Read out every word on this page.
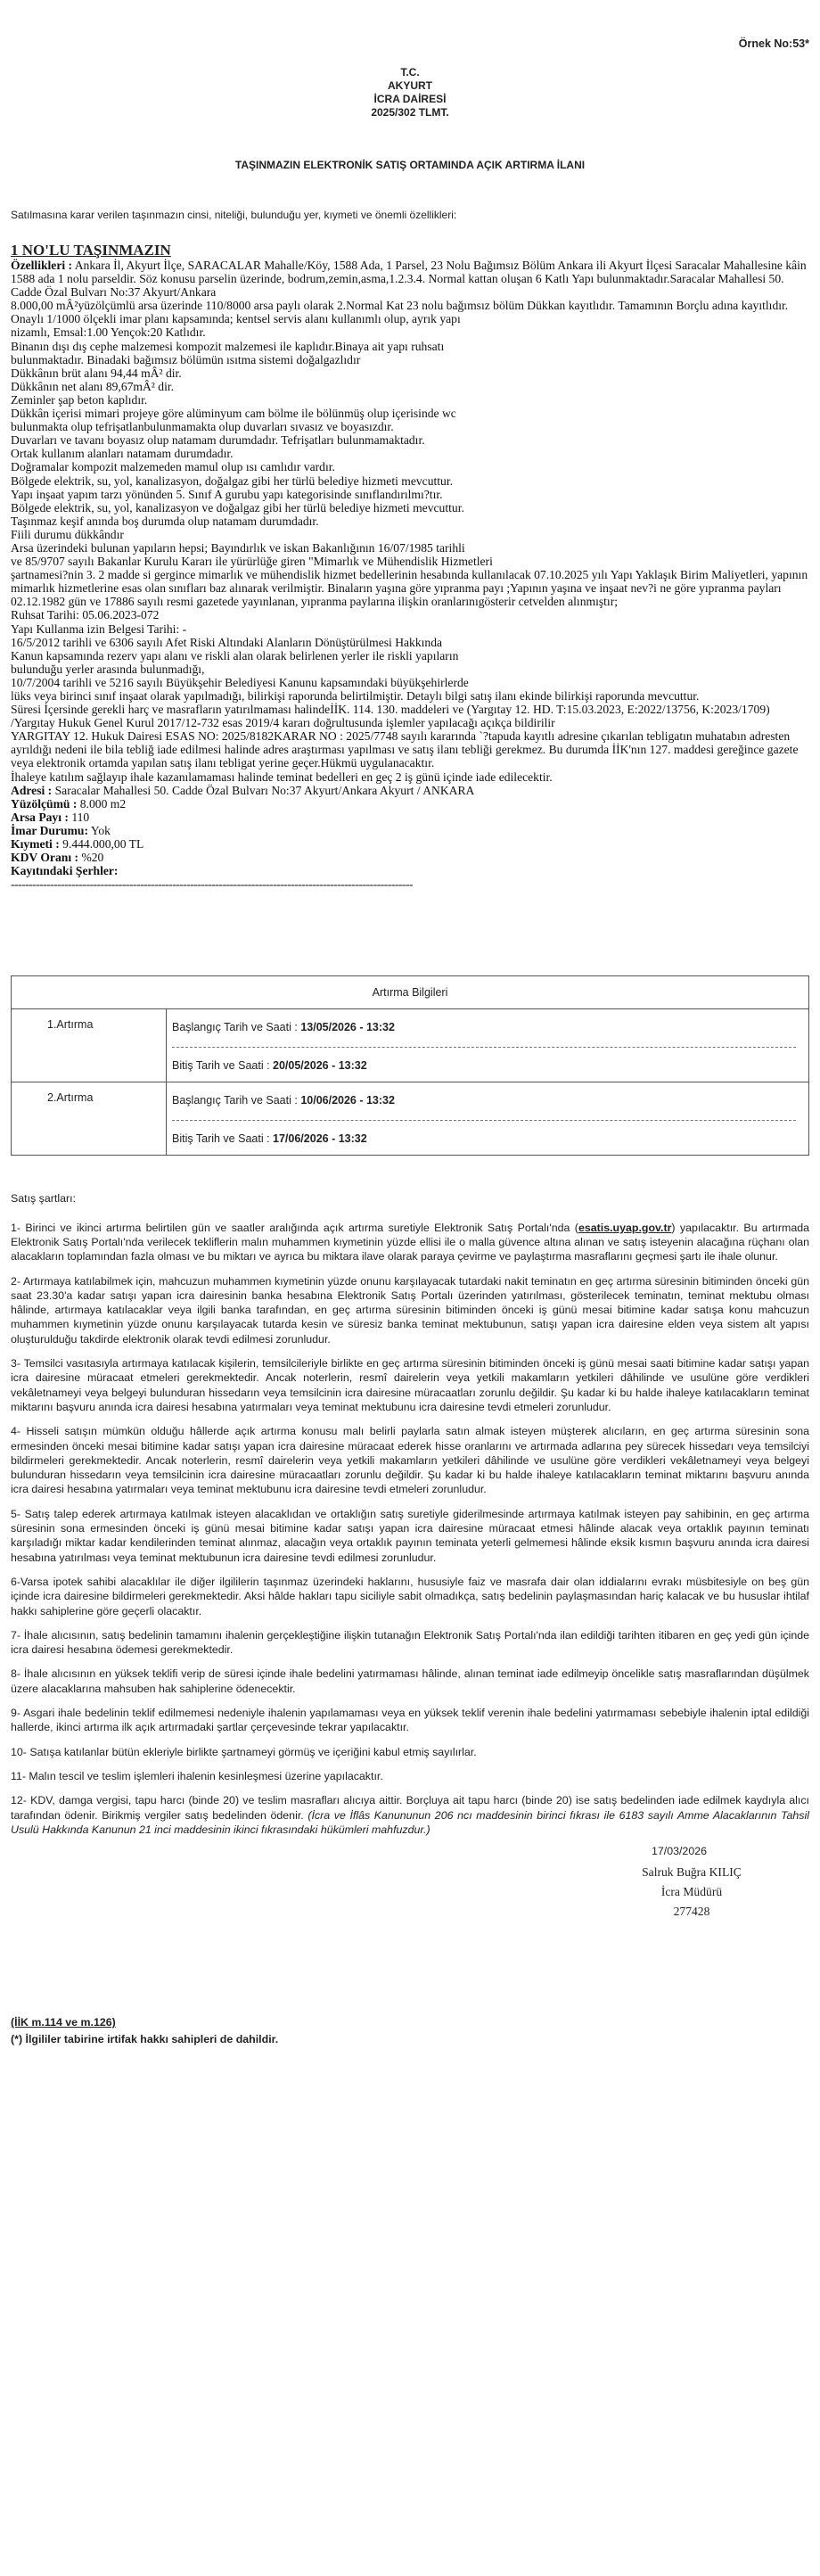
Örnek No:53*
T.C.
AKYURT
İCRA DAİRESİ
2025/302 TLMT.
TAŞINMAZIN ELEKTRONİK SATIŞ ORTAMINDA AÇIK ARTIRMA İLANI
Satılmasına karar verilen taşınmazın cinsi, niteliği, bulunduğu yer, kıymeti ve önemli özellikleri:
1 NO'LU TAŞINMAZIN

Özellikleri : Ankara İl, Akyurt İlçe, SARACALAR Mahalle/Köy, 1588 Ada, 1 Parsel, 23 Nolu Bağımsız Bölüm Ankara ili Akyurt İlçesi Saracalar Mahallesine kâin 1588 ada 1 nolu parseldir. Söz konusu parselin üzerinde, bodrum,zemin,asma,1.2.3.4. Normal kattan oluşan 6 Katlı Yapı bulunmaktadır.Saracalar Mahallesi 50. Cadde Özal Bulvarı No:37 Akyurt/Ankara

8.000,00 mÂ²yüzölçümlü arsa üzerinde 110/8000 arsa paylı olarak 2.Normal Kat 23 nolu bağımsız bölüm Dükkan kayıtlıdır. Tamamının Borçlu adına kayıtlıdır.

Onaylı 1/1000 ölçekli imar planı kapsamında; kentsel servis alanı kullanımlı olup, ayrık yapı

nizamlı, Emsal:1.00 Yençok:20 Katlıdır.

Binanın dışı dış cephe malzemesi kompozit malzemesi ile kaplıdır.Binaya ait yapı ruhsatı

bulunmaktadır. Binadaki bağımsız bölümün ısıtma sistemi doğalgazlıdır

Dükkânın brüt alanı 94,44 mÂ² dir.

Dükkânın net alanı 89,67mÂ² dir.

Zeminler şap beton kaplıdır.

Dükkân içerisi mimari projeye göre alüminyum cam bölme ile bölünmüş olup içerisinde wc

bulunmakta olup tefrişatlanbulunmamakta olup duvarları sıvasız ve boyasızdır.

Duvarları ve tavanı boyasız olup natamam durumdadır. Tefrişatları bulunmamaktadır.

Ortak kullanım alanları natamam durumdadır.

Doğramalar kompozit malzemeden mamul olup ısı camlıdır vardır.

Bölgede elektrik, su, yol, kanalizasyon, doğalgaz gibi her türlü belediye hizmeti mevcuttur.

Yapı inşaat yapım tarzı yönünden 5. Sınıf A gurubu yapı kategorisinde sınıflandırılmı?tır.

Bölgede elektrik, su, yol, kanalizasyon ve doğalgaz gibi her türlü belediye hizmeti mevcuttur.

Taşınmaz keşif anında boş durumda olup natamam durumdadır.

Fiili durumu dükkândır

Arsa üzerindeki bulunan yapıların hepsi; Bayındırlık ve iskan Bakanlığının 16/07/1985 tarihli

ve 85/9707 sayılı Bakanlar Kurulu Kararı ile yürürlüğe giren "Mimarlık ve Mühendislik Hizmetleri

şartnamesi?nin 3. 2 madde si gergince mimarlık ve mühendislik hizmet bedellerinin hesabında kullanılacak 07.10.2025 yılı Yapı Yaklaşık Birim Maliyetleri, yapının mimarlık hizmetlerine esas olan sınıfları baz alınarak verilmiştir. Binaların yaşına göre yıpranma payı ;Yapının yaşına ve inşaat nev?i ne göre yıpranma payları 02.12.1982 gün ve 17886 sayılı resmi gazetede yayınlanan, yıpranma paylarına ilişkin oranlarınıgösterir cetvelden alınmıştır;

Ruhsat Tarihi: 05.06.2023-072

Yapı Kullanma izin Belgesi Tarihi: -

16/5/2012 tarihli ve 6306 sayılı Afet Riski Altındaki Alanların Dönüştürülmesi Hakkında

Kanun kapsamında rezerv yapı alanı ve riskli alan olarak belirlenen yerler ile riskli yapıların

bulunduğu yerler arasında bulunmadığı,

10/7/2004 tarihli ve 5216 sayılı Büyükşehir Belediyesi Kanunu kapsamındaki büyükşehirlerde

lüks veya birinci sınıf inşaat olarak yapılmadığı, bilirkişi raporunda belirtilmiştir. Detaylı bilgi satış ilanı ekinde bilirkişi raporunda mevcuttur.

Süresi İçersinde gerekli harç ve masrafların yatırılmaması halindeİİK. 114. 130. maddeleri ve (Yargıtay 12. HD. T:15.03.2023, E:2022/13756, K:2023/1709) /Yargıtay Hukuk Genel Kurul 2017/12-732 esas 2019/4 kararı doğrultusunda işlemler yapılacağı açıkça bildirilir

YARGITAY 12. Hukuk Dairesi ESAS NO: 2025/8182KARAR NO : 2025/7748 sayılı kararında `?tapuda kayıtlı adresine çıkarılan tebligatın muhatabın adresten ayrıldığı nedeni ile bila tebliğ iade edilmesi halinde adres araştırması yapılması ve satış ilanı tebliği gerekmez. Bu durumda İİK'nın 127. maddesi gereğince gazete veya elektronik ortamda yapılan satış ilanı tebligat yerine geçer.Hükmü uygulanacaktır.

İhaleye katılım sağlayıp ihale kazanılamaması halinde teminat bedelleri en geç 2 iş günü içinde iade edilecektir.

Adresi : Saracalar Mahallesi 50. Cadde Özal Bulvarı No:37 Akyurt/Ankara Akyurt / ANKARA

Yüzölçümü : 8.000 m2

Arsa Payı : 110

İmar Durumu: Yok

Kıymeti : 9.444.000,00 TL

KDV Oranı : %20

Kayıtındaki Şerhler:

----------------------------------------------------------------------------------------------------------------
Artırma Bilgileri	
1.Artırma	Başlangıç Tarih ve Saati : 13/05/2026 - 13:32
Bitiş Tarih ve Saati : 20/05/2026 - 13:32

2.Artırma	Başlangıç Tarih ve Saati : 10/06/2026 - 13:32
Bitiş Tarih ve Saati : 17/06/2026 - 13:32

Satış şartları:

1- Birinci ve ikinci artırma belirtilen gün ve saatler aralığında açık artırma suretiyle Elektronik Satış Portalı'nda (esatis.uyap.gov.tr) yapılacaktır. Bu artırmada Elektronik Satış Portalı'nda verilecek tekliflerin malın muhammen kıymetinin yüzde ellisi ile o malla güvence altına alınan ve satış isteyenin alacağına rüçhanı olan alacakların toplamından fazla olması ve bu miktarı ve ayrıca bu miktara ilave olarak paraya çevirme ve paylaştırma masraflarını geçmesi şartı ile ihale olunur.

2- Artırmaya katılabilmek için, mahcuzun muhammen kıymetinin yüzde onunu karşılayacak tutardaki nakit teminatın en geç artırma süresinin bitiminden önceki gün saat 23.30'a kadar satışı yapan icra dairesinin banka hesabına Elektronik Satış Portalı üzerinden yatırılması, gösterilecek teminatın, teminat mektubu olması hâlinde, artırmaya katılacaklar veya ilgili banka tarafından, en geç artırma süresinin bitiminden önceki iş günü mesai bitimine kadar satışa konu mahcuzun muhammen kıymetinin yüzde onunu karşılayacak tutarda kesin ve süresiz banka teminat mektubunun, satışı yapan icra dairesine elden veya sistem alt yapısı oluşturulduğu takdirde elektronik olarak tevdi edilmesi zorunludur.

3- Temsilci vasıtasıyla artırmaya katılacak kişilerin, temsilcileriyle birlikte en geç artırma süresinin bitiminden önceki iş günü mesai saati bitimine kadar satışı yapan icra dairesine müracaat etmeleri gerekmektedir. Ancak noterlerin, resmî dairelerin veya yetkili makamların yetkileri dâhilinde ve usulüne göre verdikleri vekâletnameyi veya belgeyi bulunduran hissedarın veya temsilcinin icra dairesine müracaatları zorunlu değildir. Şu kadar ki bu halde ihaleye katılacakların teminat miktarını başvuru anında icra dairesi hesabına yatırmaları veya teminat mektubunu icra dairesine tevdi etmeleri zorunludur.

4- Hisseli satışın mümkün olduğu hâllerde açık artırma konusu malı belirli paylarla satın almak isteyen müşterek alıcıların, en geç artırma süresinin sona ermesinden önceki mesai bitimine kadar satışı yapan icra dairesine müracaat ederek hisse oranlarını ve artırmada adlarına pey sürecek hissedarı veya temsilciyi bildirmeleri gerekmektedir. Ancak noterlerin, resmî dairelerin veya yetkili makamların yetkileri dâhilinde ve usulüne göre verdikleri vekâletnameyi veya belgeyi bulunduran hissedarın veya temsilcinin icra dairesine müracaatları zorunlu değildir. Şu kadar ki bu halde ihaleye katılacakların teminat miktarını başvuru anında icra dairesi hesabına yatırmaları veya teminat mektubunu icra dairesine tevdi etmeleri zorunludur.

5- Satış talep ederek artırmaya katılmak isteyen alacaklıdan ve ortaklığın satış suretiyle giderilmesinde artırmaya katılmak isteyen pay sahibinin, en geç artırma süresinin sona ermesinden önceki iş günü mesai bitimine kadar satışı yapan icra dairesine müracaat etmesi hâlinde alacak veya ortaklık payının teminatı karşıladığı miktar kadar kendilerinden teminat alınmaz, alacağın veya ortaklık payının teminata yeterli gelmemesi hâlinde eksik kısmın başvuru anında icra dairesi hesabına yatırılması veya teminat mektubunun icra dairesine tevdi edilmesi zorunludur.

6-Varsa ipotek sahibi alacaklılar ile diğer ilgililerin taşınmaz üzerindeki haklarını, hususiyle faiz ve masrafa dair olan iddialarını evrakı müsbitesiyle on beş gün içinde icra dairesine bildirmeleri gerekmektedir. Aksi hâlde hakları tapu siciliyle sabit olmadıkça, satış bedelinin paylaşmasından hariç kalacak ve bu hususlar ihtilaf hakkı sahiplerine göre geçerli olacaktır.

7- İhale alıcısının, satış bedelinin tamamını ihalenin gerçekleştiğine ilişkin tutanağın Elektronik Satış Portalı'nda ilan edildiği tarihten itibaren en geç yedi gün içinde icra dairesi hesabına ödemesi gerekmektedir.

8- İhale alıcısının en yüksek teklifi verip de süresi içinde ihale bedelini yatırmaması hâlinde, alınan teminat iade edilmeyip öncelikle satış masraflarından düşülmek üzere alacaklarına mahsuben hak sahiplerine ödenecektir.

9- Asgari ihale bedelinin teklif edilmemesi nedeniyle ihalenin yapılamaması veya en yüksek teklif verenin ihale bedelini yatırmaması sebebiyle ihalenin iptal edildiği hallerde, ikinci artırma ilk açık artırmadaki şartlar çerçevesinde tekrar yapılacaktır.

10- Satışa katılanlar bütün ekleriyle birlikte şartnameyi görmüş ve içeriğini kabul etmiş sayılırlar.

11- Malın tescil ve teslim işlemleri ihalenin kesinleşmesi üzerine yapılacaktır.

12- KDV, damga vergisi, tapu harcı (binde 20) ve teslim masrafları alıcıya aittir. Borçluya ait tapu harcı (binde 20) ise satış bedelinden iade edilmek kaydıyla alıcı tarafından ödenir. Birikmiş vergiler satış bedelinden ödenir. (İcra ve İflâs Kanununun 206 ncı maddesinin birinci fıkrası ile 6183 sayılı Amme Alacaklarının Tahsil Usulü Hakkında Kanunun 21 inci maddesinin ikinci fıkrasındaki hükümleri mahfuzdur.)

17/03/2026
Salruk Buğra KILIÇ
İcra Müdürü
277428
(İİK m.114 ve m.126)
(*) İlgililer tabirine irtifak hakkı sahipleri de dahildir.
